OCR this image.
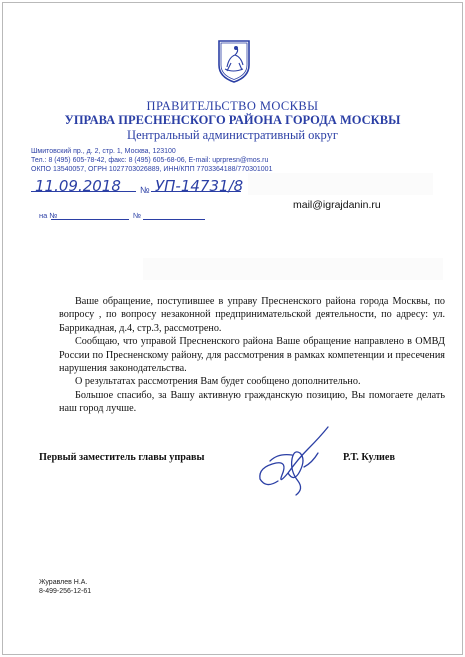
ПРАВИТЕЛЬСТВО МОСКВЫ
УПРАВА ПРЕСНЕНСКОГО РАЙОНА ГОРОДА МОСКВЫ
Центральный административный округ
Шмитовский пр., д. 2, стр. 1, Москва, 123100
Тел.: 8 (495) 605-78-42, факс: 8 (495) 605-68-06, E-mail: uprpresn@mos.ru
ОКПО 13540057, ОГРН 1027703026889, ИНН/КПП 7703364188/770301001
11.09.2018 № УП-14731/8
на №	№
mail@igrajdanin.ru

Ваше обращение, поступившее в управу Пресненского района города Москвы, по вопросу , по вопросу незаконной предпринимательской деятельности, по адресу: ул. Баррикадная, д.4, стр.3, рассмотрено.

Сообщаю, что управой Пресненского района Ваше обращение направлено в ОМВД России по Пресненскому району, для рассмотрения в рамках компетенции и пресечения нарушения законодательства.

О результатах рассмотрения Вам будет сообщено дополнительно.

Большое спасибо, за Вашу активную гражданскую позицию, Вы помогаете делать наш город лучше.

Первый заместитель главы управы	Р.Т. Кулиев
Журавлев Н.А.
8-499-256-12-61
